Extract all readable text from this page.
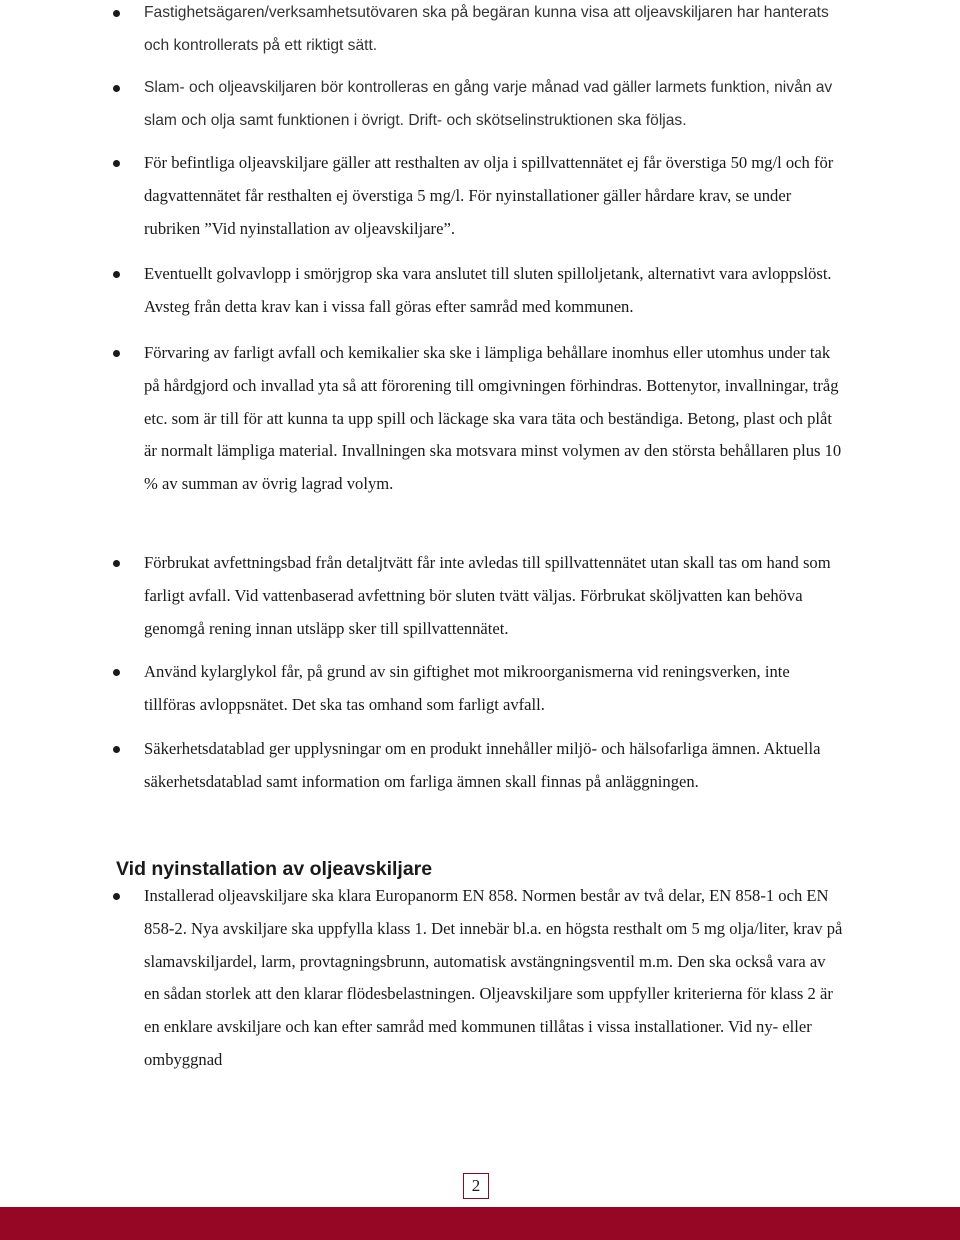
Fastighetsägaren/verksamhetsutövaren ska på begäran kunna visa att oljeavskiljaren har hanterats och kontrollerats på ett riktigt sätt.

Slam- och oljeavskiljaren bör kontrolleras en gång varje månad vad gäller larmets funktion, nivån av slam och olja samt funktionen i övrigt. Drift- och skötselinstruktionen ska följas.

För befintliga oljeavskiljare gäller att resthalten av olja i spillvattennätet ej får överstiga 50 mg/l och för dagvattennätet får resthalten ej överstiga 5 mg/l. För nyinstallationer gäller hårdare krav, se under rubriken ”Vid nyinstallation av oljeavskiljare”.

Eventuellt golvavlopp i smörjgrop ska vara anslutet till sluten spilloljetank, alternativt vara avloppslöst. Avsteg från detta krav kan i vissa fall göras efter samråd med kommunen.

Förvaring av farligt avfall och kemikalier ska ske i lämpliga behållare inomhus eller utomhus under tak på hårdgjord och invallad yta så att förorening till omgivningen förhindras. Bottenytor, invallningar, tråg etc. som är till för att kunna ta upp spill och läckage ska vara täta och beständiga. Betong, plast och plåt är normalt lämpliga material. Invallningen ska motsvara minst volymen av den största behållaren plus 10 % av summan av övrig lagrad volym.

Förbrukat avfettningsbad från detaljtvätt får inte avledas till spillvattennätet utan skall tas om hand som farligt avfall. Vid vattenbaserad avfettning bör sluten tvätt väljas. Förbrukat sköljvatten kan behöva genomgå rening innan utsläpp sker till spillvattennätet.

Använd kylarglykol får, på grund av sin giftighet mot mikroorganismerna vid reningsverken, inte tillföras avloppsnätet. Det ska tas omhand som farligt avfall.

Säkerhetsdatablad ger upplysningar om en produkt innehåller miljö- och hälsofarliga ämnen. Aktuella säkerhetsdatablad samt information om farliga ämnen skall finnas på anläggningen.

Vid nyinstallation av oljeavskiljare

Installerad oljeavskiljare ska klara Europanorm EN 858. Normen består av två delar, EN 858-1 och EN 858-2. Nya avskiljare ska uppfylla klass 1. Det innebär bl.a. en högsta resthalt om 5 mg olja/liter, krav på slamavskiljardel, larm, provtagningsbrunn, automatisk avstängningsventil m.m. Den ska också vara av en sådan storlek att den klarar flödesbelastningen. Oljeavskiljare som uppfyller kriterierna för klass 2 är en enklare avskiljare och kan efter samråd med kommunen tillåtas i vissa installationer. Vid ny- eller ombyggnad

2
